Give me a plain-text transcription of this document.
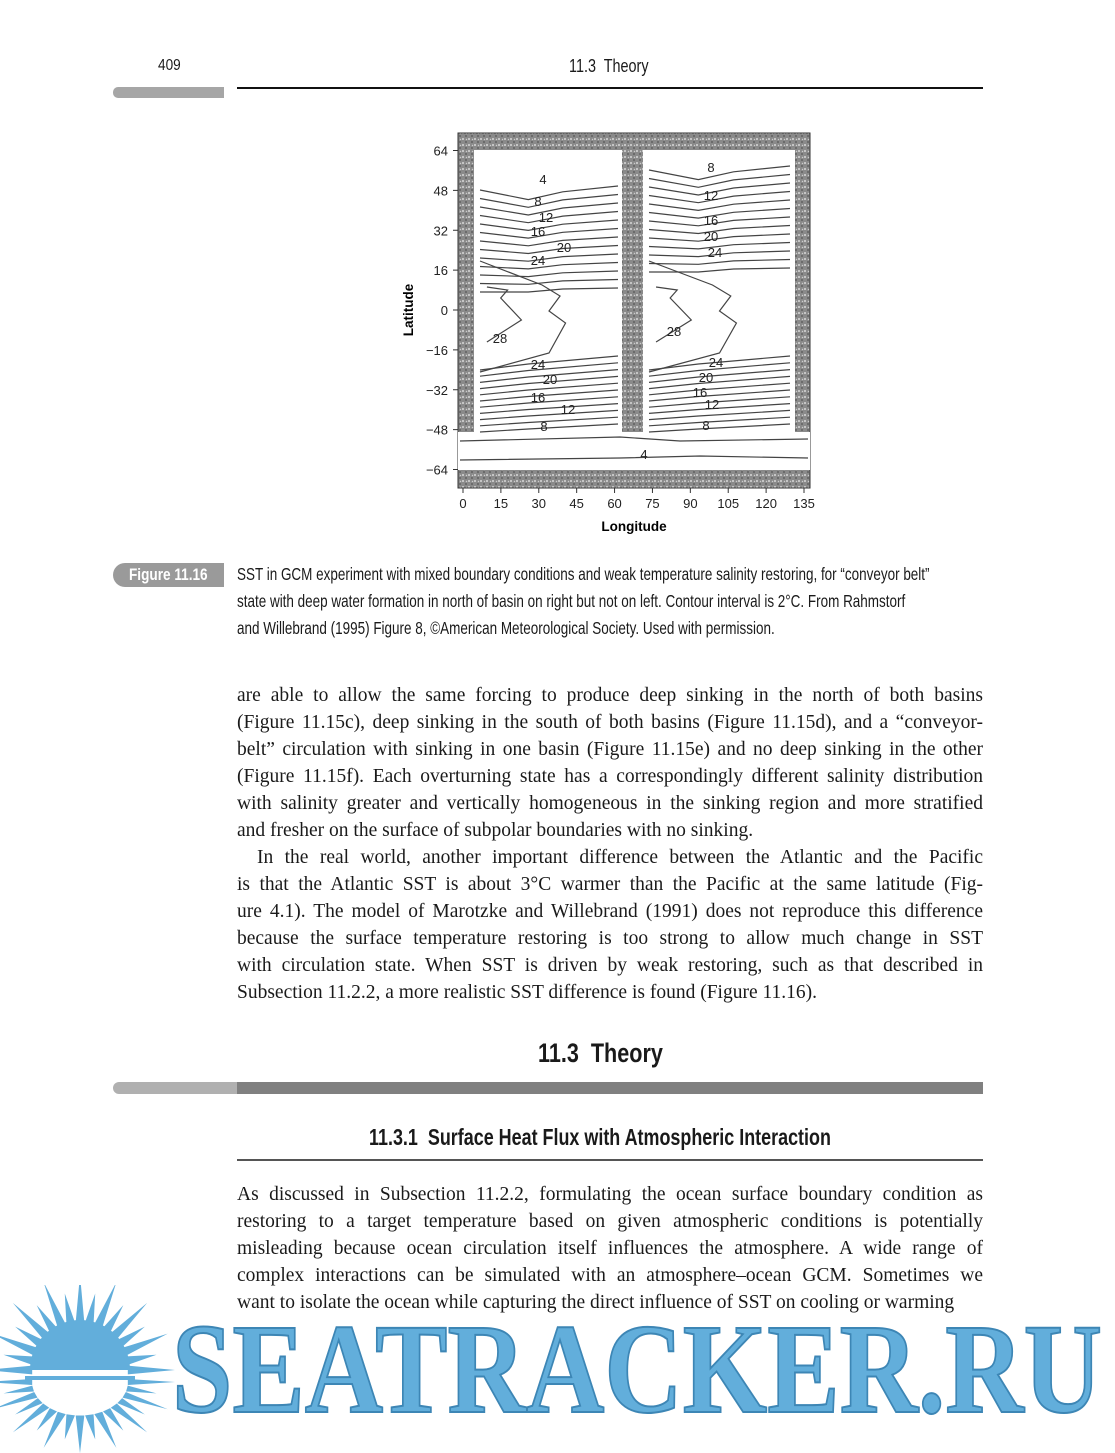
409	11.3  Theory
4
8
12
16
20
24
28
24
20
16
12
8
8
12
16
20
24
28
24
20
16
12
8
4
0 15 30 45 60 75 90 105 120 135
64
48
32
16
0
−16
−32
−48
−64
Longitude
Latitude
Figure 11.16 SST in GCM experiment with mixed boundary conditions and weak temperature salinity restoring, for “conveyor belt”
state with deep water formation in north of basin on right but not on left. Contour interval is 2°C. From Rahmstorf
and Willebrand (1995) Figure 8, ©American Meteorological Society. Used with permission.
are able to allow the same forcing to produce deep sinking in the north of both basins
(Figure 11.15c), deep sinking in the south of both basins (Figure 11.15d), and a “conveyor-
belt” circulation with sinking in one basin (Figure 11.15e) and no deep sinking in the other
(Figure 11.15f). Each overturning state has a correspondingly different salinity distribution
with salinity greater and vertically homogeneous in the sinking region and more stratified
and fresher on the surface of subpolar boundaries with no sinking.
In the real world, another important difference between the Atlantic and the Pacific
is that the Atlantic SST is about 3°C warmer than the Pacific at the same latitude (Fig-
ure 4.1). The model of Marotzke and Willebrand (1991) does not reproduce this difference
because the surface temperature restoring is too strong to allow much change in SST
with circulation state. When SST is driven by weak restoring, such as that described in
Subsection 11.2.2, a more realistic SST difference is found (Figure 11.16).
11.3  Theory
11.3.1  Surface Heat Flux with Atmospheric Interaction
As discussed in Subsection 11.2.2, formulating the ocean surface boundary condition as
restoring to a target temperature based on given atmospheric conditions is potentially
misleading because ocean circulation itself influences the atmosphere. A wide range of
complex interactions can be simulated with an atmosphere–ocean GCM. Sometimes we
want to isolate the ocean while capturing the direct influence of SST on cooling or warming
SEATRACKER.RU
